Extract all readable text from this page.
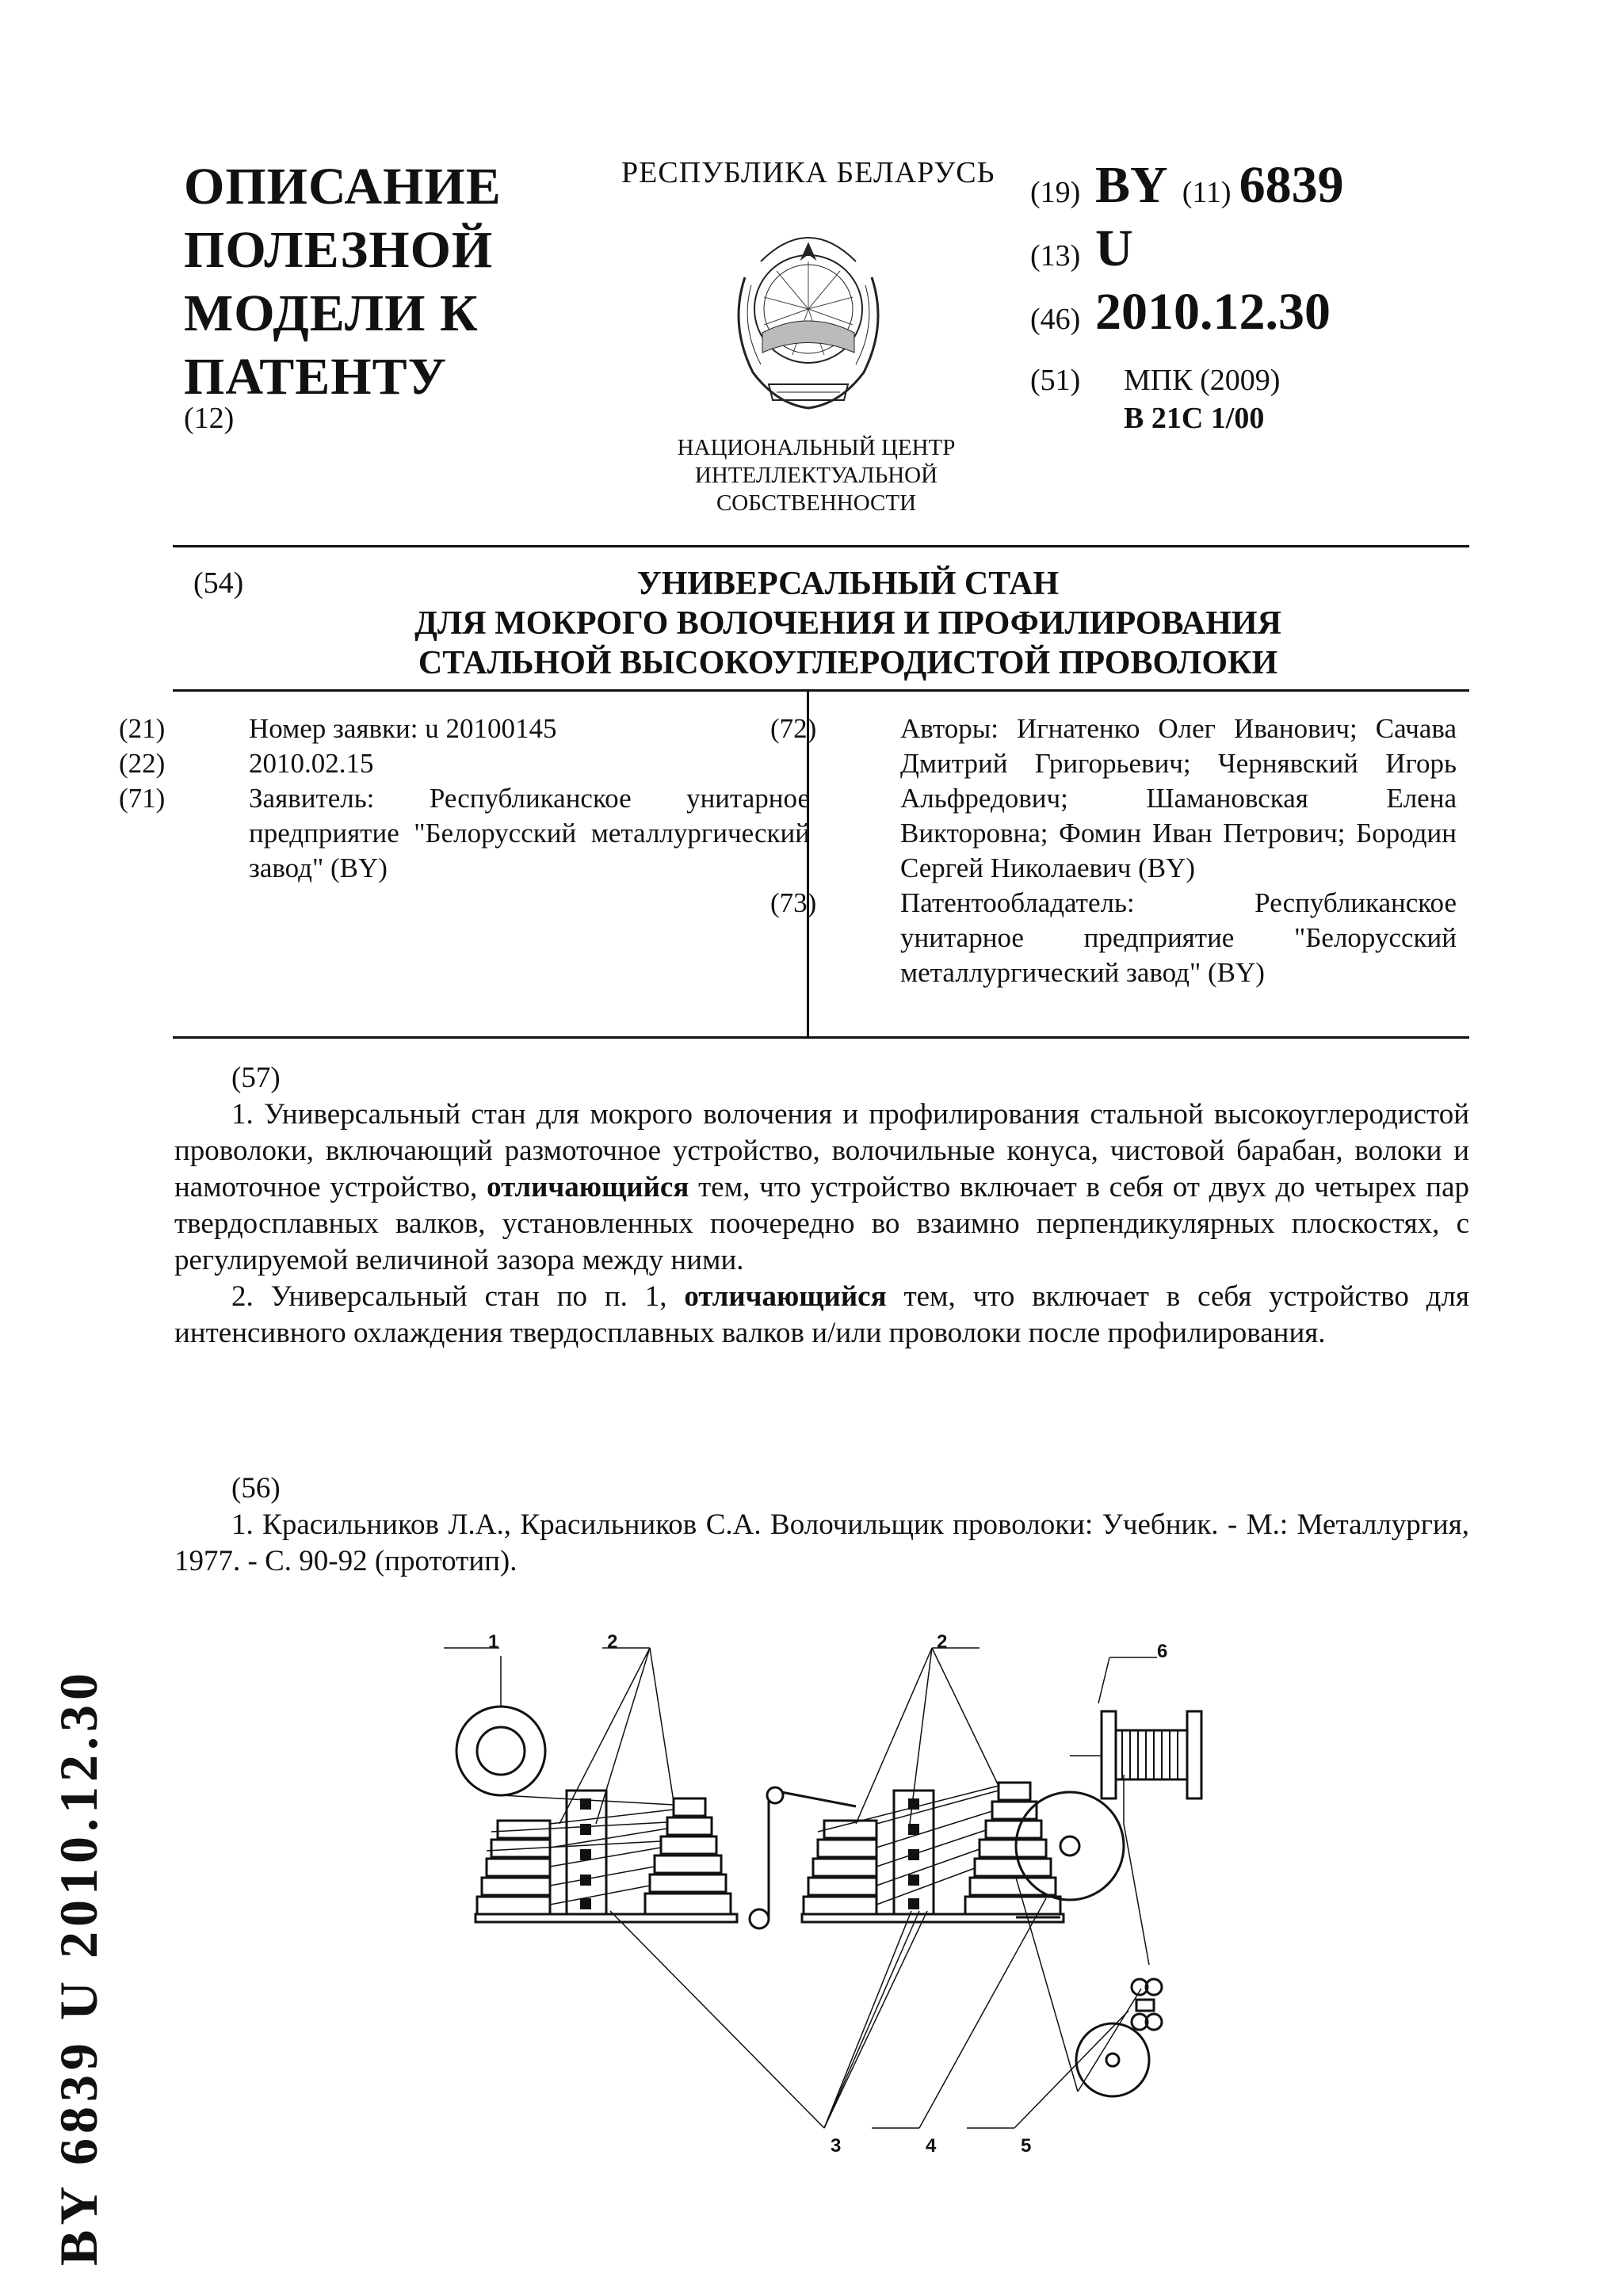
ОПИСАНИЕ
ПОЛЕЗНОЙ
МОДЕЛИ К
ПАТЕНТУ
(12)
РЕСПУБЛИКА БЕЛАРУСЬ
НАЦИОНАЛЬНЫЙ ЦЕНТР
ИНТЕЛЛЕКТУАЛЬНОЙ
СОБСТВЕННОСТИ
(19) BY (11) 6839
(13) U
(46) 2010.12.30
(51)	МПК (2009)
B 21C 1/00
(54)	УНИВЕРСАЛЬНЫЙ СТАН
ДЛЯ МОКРОГО ВОЛОЧЕНИЯ И ПРОФИЛИРОВАНИЯ
СТАЛЬНОЙ ВЫСОКОУГЛЕРОДИСТОЙ ПРОВОЛОКИ
(21)	Номер заявки: u 20100145
(22)	2010.02.15
(71)	Заявитель: Республиканское унитарное предприятие "Белорусский металлургический завод" (BY)
(72)	Авторы: Игнатенко Олег Иванович; Сачава Дмитрий Григорьевич; Чернявский Игорь Альфредович; Шамановская Елена Викторовна; Фомин Иван Петрович; Бородин Сергей Николаевич (BY)
(73)	Патентообладатель: Республиканское унитарное предприятие "Белорусский металлургический завод" (BY)
(57)

1. Универсальный стан для мокрого волочения и профилирования стальной высокоуглеродистой проволоки, включающий размоточное устройство, волочильные конуса, чистовой барабан, волоки и намоточное устройство, отличающийся тем, что устройство включает в себя от двух до четырех пар твердосплавных валков, установленных поочередно во взаимно перпендикулярных плоскостях, с регулируемой величиной зазора между ними.

2. Универсальный стан по п. 1, отличающийся тем, что включает в себя устройство для интенсивного охлаждения твердосплавных валков и/или проволоки после профилирования.

(56)

1. Красильников Л.А., Красильников С.А. Волочильщик проволоки: Учебник. - М.: Металлургия, 1977. - С. 90-92 (прототип).

BY 6839 U 2010.12.30
1	2	2	6
3	4	5
